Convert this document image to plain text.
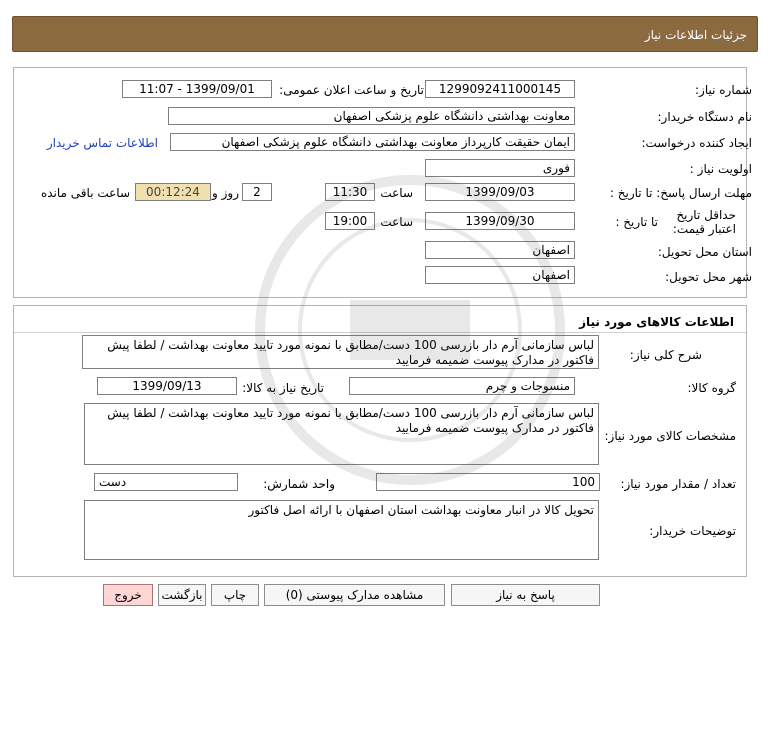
جزئیات اطلاعات نیاز
شماره نیاز:
1299092411000145
تاریخ و ساعت اعلان عمومی:
1399/09/01 - 11:07
نام دستگاه خریدار:
معاونت بهداشتی دانشگاه علوم پزشکی اصفهان
ایجاد کننده درخواست:
ایمان حقیقت کارپرداز معاونت بهداشتی دانشگاه علوم پزشکی اصفهان
اطلاعات تماس خریدار
اولویت نیاز :
فوری
مهلت ارسال پاسخ: تا تاریخ :
1399/09/03
ساعت
11:30
2
روز و
00:12:24
ساعت باقی مانده
حداقل تاریخ اعتبار قیمت:
تا تاریخ :
1399/09/30
ساعت
19:00
استان محل تحویل:
اصفهان
شهر محل تحویل:
اصفهان
اطلاعات کالاهای مورد نیاز
شرح کلی نیاز:
لباس سازمانی آرم دار بازرسی 100 دست/مطابق با نمونه مورد تایید معاونت بهداشت / لطفا پیش فاکتور در مدارک پیوست ضمیمه فرمایید
گروه کالا:
منسوجات و چرم
تاریخ نیاز به کالا:
1399/09/13
مشخصات کالای مورد نیاز:
لباس سازمانی آرم دار بازرسی 100 دست/مطابق با نمونه مورد تایید معاونت بهداشت / لطفا پیش فاکتور در مدارک پیوست ضمیمه فرمایید
تعداد / مقدار مورد نیاز:
100
واحد شمارش:
دست
توضیحات خریدار:
تحویل کالا در انبار معاونت بهداشت استان اصفهان با ارائه اصل فاکتور
پاسخ به نیاز
مشاهده مدارک پیوستی (0)
چاپ
بازگشت
خروج
